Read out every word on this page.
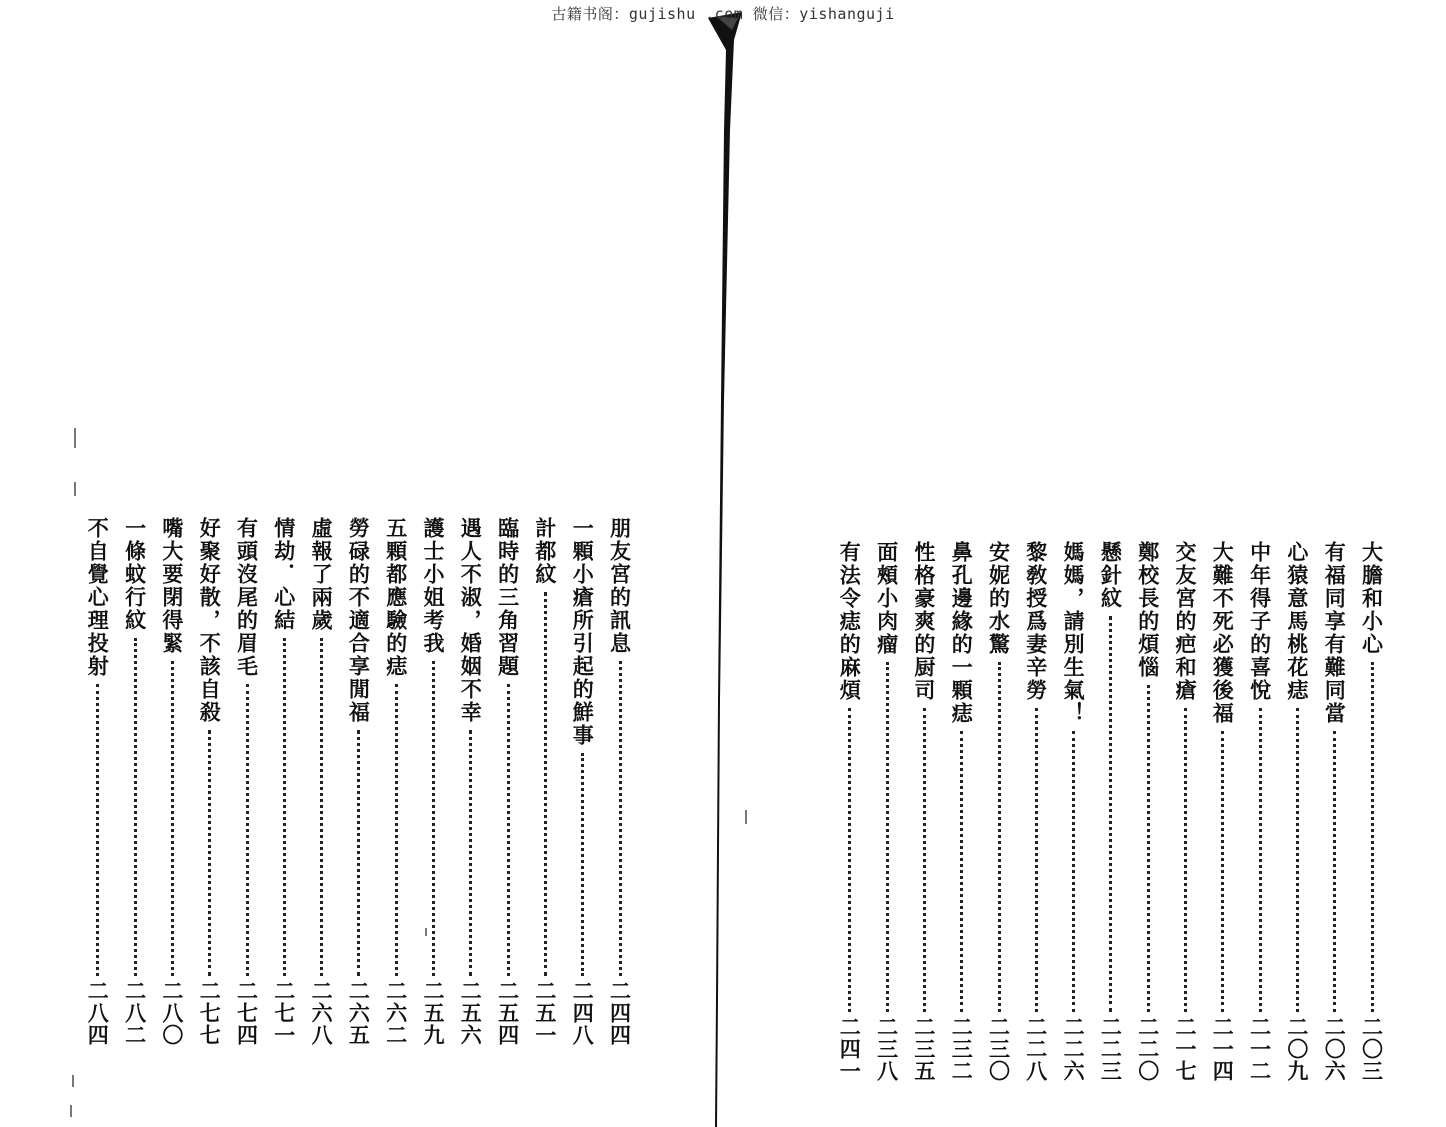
古籍书阁：gujishu .com 微信：yishanguji
朋友宮的訊息
二四四
一顆小瘡所引起的鮮事
二四八
計都紋
二五一
臨時的三角習題
二五四
遇人不淑，婚姻不幸
二五六
護士小姐考我
二五九
五顆都應驗的痣
二六二
勞碌的不適合享閒福
二六五
虛報了兩歲
二六八
情劫．心結
二七一
有頭沒尾的眉毛
二七四
好聚好散，不該自殺
二七七
嘴大要閉得緊
二八〇
一條蚊行紋
二八二
不自覺心理投射
二八四
大膽和小心
二〇三
有福同享有難同當
二〇六
心猿意馬桃花痣
二〇九
中年得子的喜悅
二一二
大難不死必獲後福
二一四
交友宮的疤和瘡
二一七
鄭校長的煩惱
二二〇
懸針紋
二二三
媽媽，請別生氣！
二二六
黎敎授爲妻辛勞
二二八
安妮的水驚
二三〇
鼻孔邊緣的一顆痣
二三二
性格豪爽的厨司
二三五
面頰小肉瘤
二三八
有法令痣的麻煩
二四一
